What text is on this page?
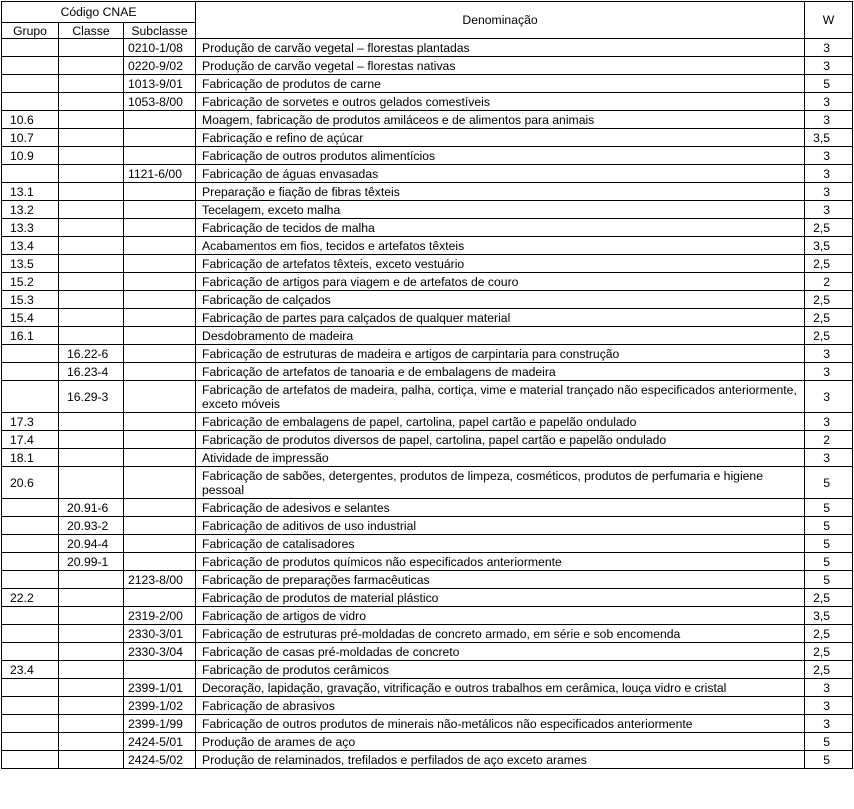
Código CNAE			Denominação	W
Grupo	Classe	Subclasse		
		0210-1/08	Produção de carvão vegetal – florestas plantadas	3
		0220-9/02	Produção de carvão vegetal – florestas nativas	3
		1013-9/01	Fabricação de produtos de carne	5
		1053-8/00	Fabricação de sorvetes e outros gelados comestíveis	3
10.6			Moagem, fabricação de produtos amiláceos e de alimentos para animais	3
10.7			Fabricação e refino de açúcar	3,5
10.9			Fabricação de outros produtos alimentícios	3
		1121-6/00	Fabricação de águas envasadas	3
13.1			Preparação e fiação de fibras têxteis	3
13.2			Tecelagem, exceto malha	3
13.3			Fabricação de tecidos de malha	2,5
13.4			Acabamentos em fios, tecidos e artefatos têxteis	3,5
13.5			Fabricação de artefatos têxteis, exceto vestuário	2,5
15.2			Fabricação de artigos para viagem e de artefatos de couro	2
15.3			Fabricação de calçados	2,5
15.4			Fabricação de partes para calçados de qualquer material	2,5
16.1			Desdobramento de madeira	2,5
	16.22-6		Fabricação de estruturas de madeira e artigos de carpintaria para construção	3
	16.23-4		Fabricação de artefatos de tanoaria e de embalagens de madeira	3
	16.29-3		Fabricação de artefatos de madeira, palha, cortiça, vime e material trançado não especificados anteriormente, exceto móveis	3
17.3			Fabricação de embalagens de papel, cartolina, papel cartão e papelão ondulado	3
17.4			Fabricação de produtos diversos de papel, cartolina, papel cartão e papelão ondulado	2
18.1			Atividade de impressão	3
20.6			Fabricação de sabões, detergentes, produtos de limpeza, cosméticos, produtos de perfumaria e higiene pessoal	5
	20.91-6		Fabricação de adesivos e selantes	5
	20.93-2		Fabricação de aditivos de uso industrial	5
	20.94-4		Fabricação de catalisadores	5
	20.99-1		Fabricação de produtos químicos não especificados anteriormente	5
		2123-8/00	Fabricação de preparações farmacêuticas	5
22.2			Fabricação de produtos de material plástico	2,5
		2319-2/00	Fabricação de artigos de vidro	3,5
		2330-3/01	Fabricação de estruturas pré-moldadas de concreto armado, em série e sob encomenda	2,5
		2330-3/04	Fabricação de casas pré-moldadas de concreto	2,5
23.4			Fabricação de produtos cerâmicos	2,5
		2399-1/01	Decoração, lapidação, gravação, vitrificação e outros trabalhos em cerâmica, louça vidro e cristal	3
		2399-1/02	Fabricação de abrasivos	3
		2399-1/99	Fabricação de outros produtos de minerais não-metálicos não especificados anteriormente	3
		2424-5/01	Produção de arames de aço	5
		2424-5/02	Produção de relaminados, trefilados e perfilados de aço exceto arames	5
